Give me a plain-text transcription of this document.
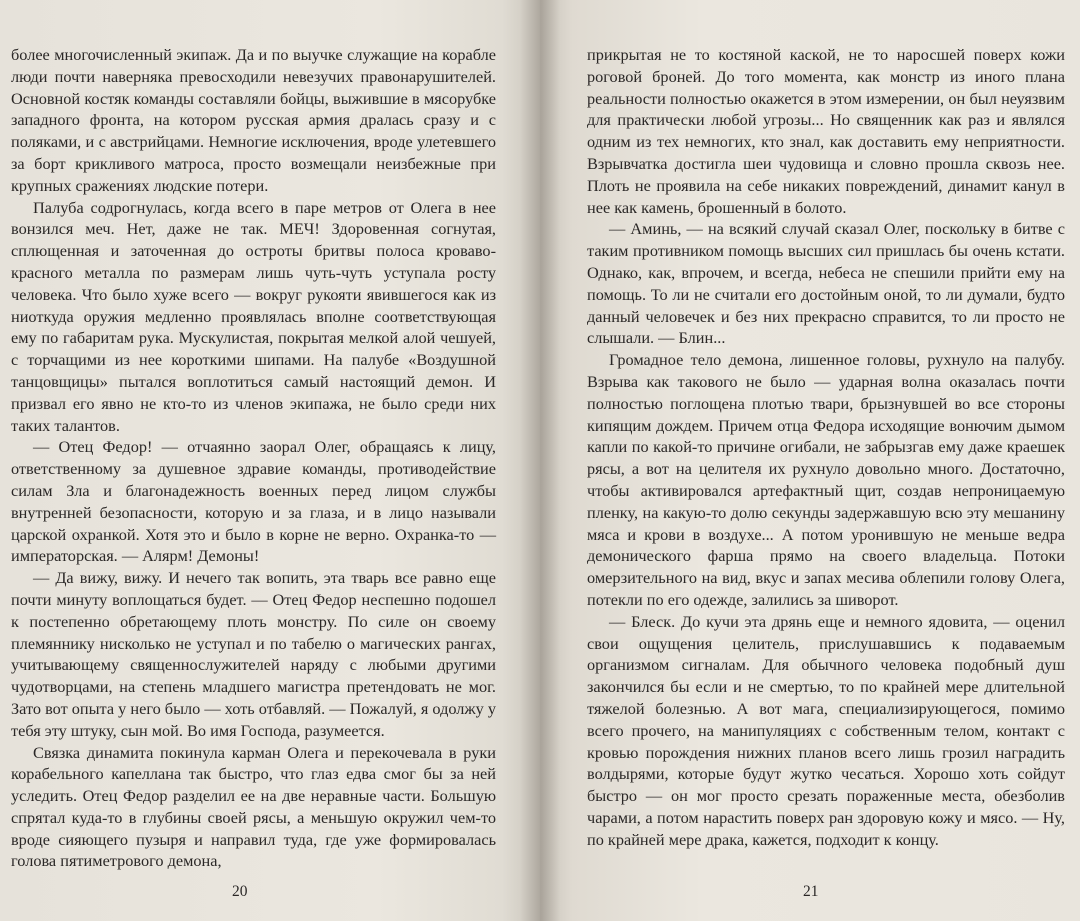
более многочисленный экипаж. Да и по выучке служащие на корабле люди почти наверняка превосходили невезучих правонарушителей. Основной костяк команды составляли бойцы, выжившие в мясорубке западного фронта, на котором русская армия дралась сразу и с поляками, и с австрийцами. Немногие исключения, вроде улетевшего за борт крикливого матроса, просто возмещали неизбежные при крупных сражениях людские потери.

Палуба содрогнулась, когда всего в паре метров от Олега в нее вонзился меч. Нет, даже не так. МЕЧ! Здоровенная согнутая, сплющенная и заточенная до остроты бритвы полоса кроваво-красного металла по размерам лишь чуть-чуть уступала росту человека. Что было хуже всего — вокруг рукояти явившегося как из ниоткуда оружия медленно проявлялась вполне соответствующая ему по габаритам рука. Мускулистая, покрытая мелкой алой чешуей, с торчащими из нее короткими шипами. На палубе «Воздушной танцовщицы» пытался воплотиться самый настоящий демон. И призвал его явно не кто-то из членов экипажа, не было среди них таких талантов.

— Отец Федор! — отчаянно заорал Олег, обращаясь к лицу, ответственному за душевное здравие команды, противодействие силам Зла и благонадежность военных перед лицом службы внутренней безопасности, которую и за глаза, и в лицо называли царской охранкой. Хотя это и было в корне не верно. Охранка-то — императорская. — Алярм! Демоны!

— Да вижу, вижу. И нечего так вопить, эта тварь все равно еще почти минуту воплощаться будет. — Отец Федор неспешно подошел к постепенно обретающему плоть монстру. По силе он своему племяннику нисколько не уступал и по табелю о магических рангах, учитывающему священнослужителей наряду с любыми другими чудотворцами, на степень младшего магистра претендовать не мог. Зато вот опыта у него было — хоть отбавляй. — Пожалуй, я одолжу у тебя эту штуку, сын мой. Во имя Господа, разумеется.

Связка динамита покинула карман Олега и перекочевала в руки корабельного капеллана так быстро, что глаз едва смог бы за ней уследить. Отец Федор разделил ее на две неравные части. Большую спрятал куда-то в глубины своей рясы, а меньшую окружил чем-то вроде сияющего пузыря и направил туда, где уже формировалась голова пятиметрового демона,

20

прикрытая не то костяной каской, не то наросшей поверх кожи роговой броней. До того момента, как монстр из иного плана реальности полностью окажется в этом измерении, он был неуязвим для практически любой угрозы... Но священник как раз и являлся одним из тех немногих, кто знал, как доставить ему неприятности. Взрывчатка достигла шеи чудовища и словно прошла сквозь нее. Плоть не проявила на себе никаких повреждений, динамит канул в нее как камень, брошенный в болото.

— Аминь, — на всякий случай сказал Олег, поскольку в битве с таким противником помощь высших сил пришлась бы очень кстати. Однако, как, впрочем, и всегда, небеса не спешили прийти ему на помощь. То ли не считали его достойным оной, то ли думали, будто данный человечек и без них прекрасно справится, то ли просто не слышали. — Блин...

Громадное тело демона, лишенное головы, рухнуло на палубу. Взрыва как такового не было — ударная волна оказалась почти полностью поглощена плотью твари, брызнувшей во все стороны кипящим дождем. Причем отца Федора исходящие вонючим дымом капли по какой-то причине огибали, не забрызгав ему даже краешек рясы, а вот на целителя их рухнуло довольно много. Достаточно, чтобы активировался артефактный щит, создав непроницаемую пленку, на какую-то долю секунды задержавшую всю эту мешанину мяса и крови в воздухе... А потом уронившую не меньше ведра демонического фарша прямо на своего владельца. Потоки омерзительного на вид, вкус и запах месива облепили голову Олега, потекли по его одежде, залились за шиворот.

— Блеск. До кучи эта дрянь еще и немного ядовита, — оценил свои ощущения целитель, прислушавшись к подаваемым организмом сигналам. Для обычного человека подобный душ закончился бы если и не смертью, то по крайней мере длительной тяжелой болезнью. А вот мага, специализирующегося, помимо всего прочего, на манипуляциях с собственным телом, контакт с кровью порождения нижних планов всего лишь грозил наградить волдырями, которые будут жутко чесаться. Хорошо хоть сойдут быстро — он мог просто срезать пораженные места, обезболив чарами, а потом нарастить поверх ран здоровую кожу и мясо. — Ну, по крайней мере драка, кажется, подходит к концу.

21
